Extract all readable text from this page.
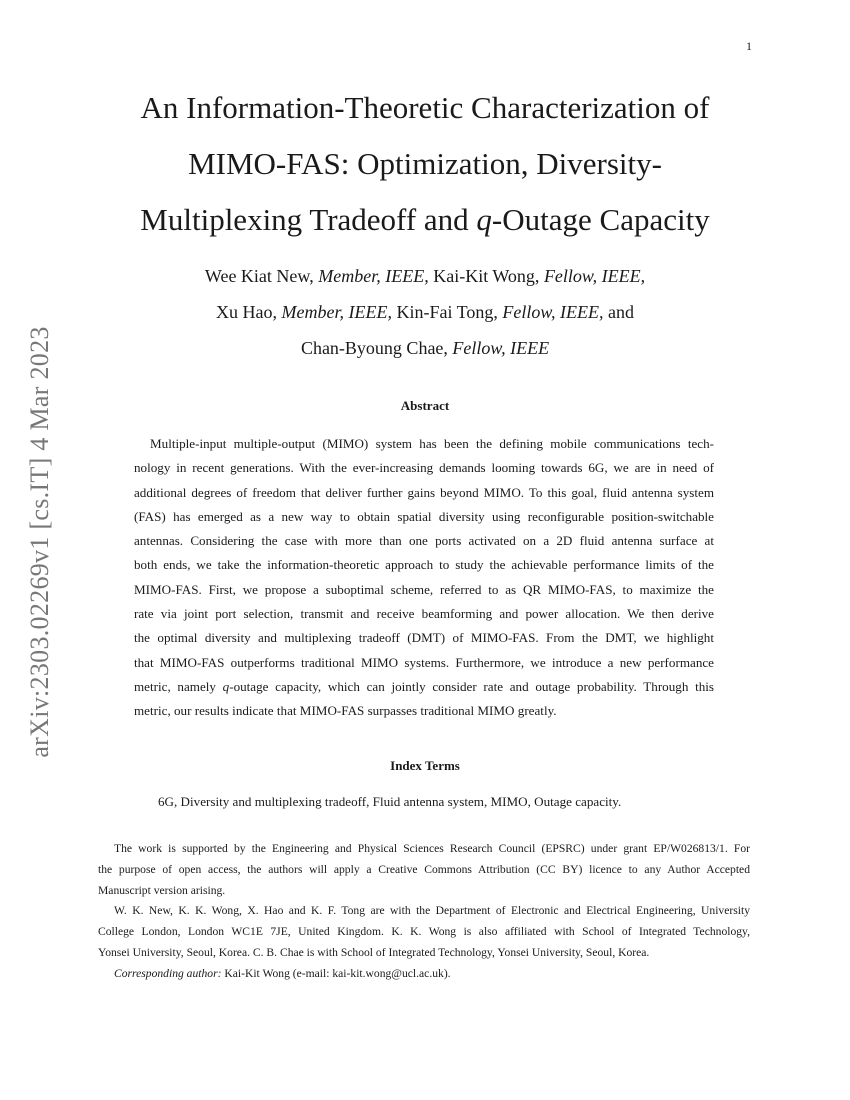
1
arXiv:2303.02269v1 [cs.IT] 4 Mar 2023
An Information-Theoretic Characterization of
MIMO-FAS: Optimization, Diversity-
Multiplexing Tradeoff and q-Outage Capacity
Wee Kiat New, Member, IEEE, Kai-Kit Wong, Fellow, IEEE,
Xu Hao, Member, IEEE, Kin-Fai Tong, Fellow, IEEE, and
Chan-Byoung Chae, Fellow, IEEE
Abstract
Multiple-input multiple-output (MIMO) system has been the defining mobile communications tech-
nology in recent generations. With the ever-increasing demands looming towards 6G, we are in need of
additional degrees of freedom that deliver further gains beyond MIMO. To this goal, fluid antenna system
(FAS) has emerged as a new way to obtain spatial diversity using reconfigurable position-switchable
antennas. Considering the case with more than one ports activated on a 2D fluid antenna surface at
both ends, we take the information-theoretic approach to study the achievable performance limits of the
MIMO-FAS. First, we propose a suboptimal scheme, referred to as QR MIMO-FAS, to maximize the
rate via joint port selection, transmit and receive beamforming and power allocation. We then derive
the optimal diversity and multiplexing tradeoff (DMT) of MIMO-FAS. From the DMT, we highlight
that MIMO-FAS outperforms traditional MIMO systems. Furthermore, we introduce a new performance
metric, namely q-outage capacity, which can jointly consider rate and outage probability. Through this
metric, our results indicate that MIMO-FAS surpasses traditional MIMO greatly.
Index Terms
6G, Diversity and multiplexing tradeoff, Fluid antenna system, MIMO, Outage capacity.
The work is supported by the Engineering and Physical Sciences Research Council (EPSRC) under grant EP/W026813/1. For
the purpose of open access, the authors will apply a Creative Commons Attribution (CC BY) licence to any Author Accepted
Manuscript version arising.
W. K. New, K. K. Wong, X. Hao and K. F. Tong are with the Department of Electronic and Electrical Engineering, University
College London, London WC1E 7JE, United Kingdom. K. K. Wong is also affiliated with School of Integrated Technology,
Yonsei University, Seoul, Korea. C. B. Chae is with School of Integrated Technology, Yonsei University, Seoul, Korea.
Corresponding author: Kai-Kit Wong (e-mail: kai-kit.wong@ucl.ac.uk).
